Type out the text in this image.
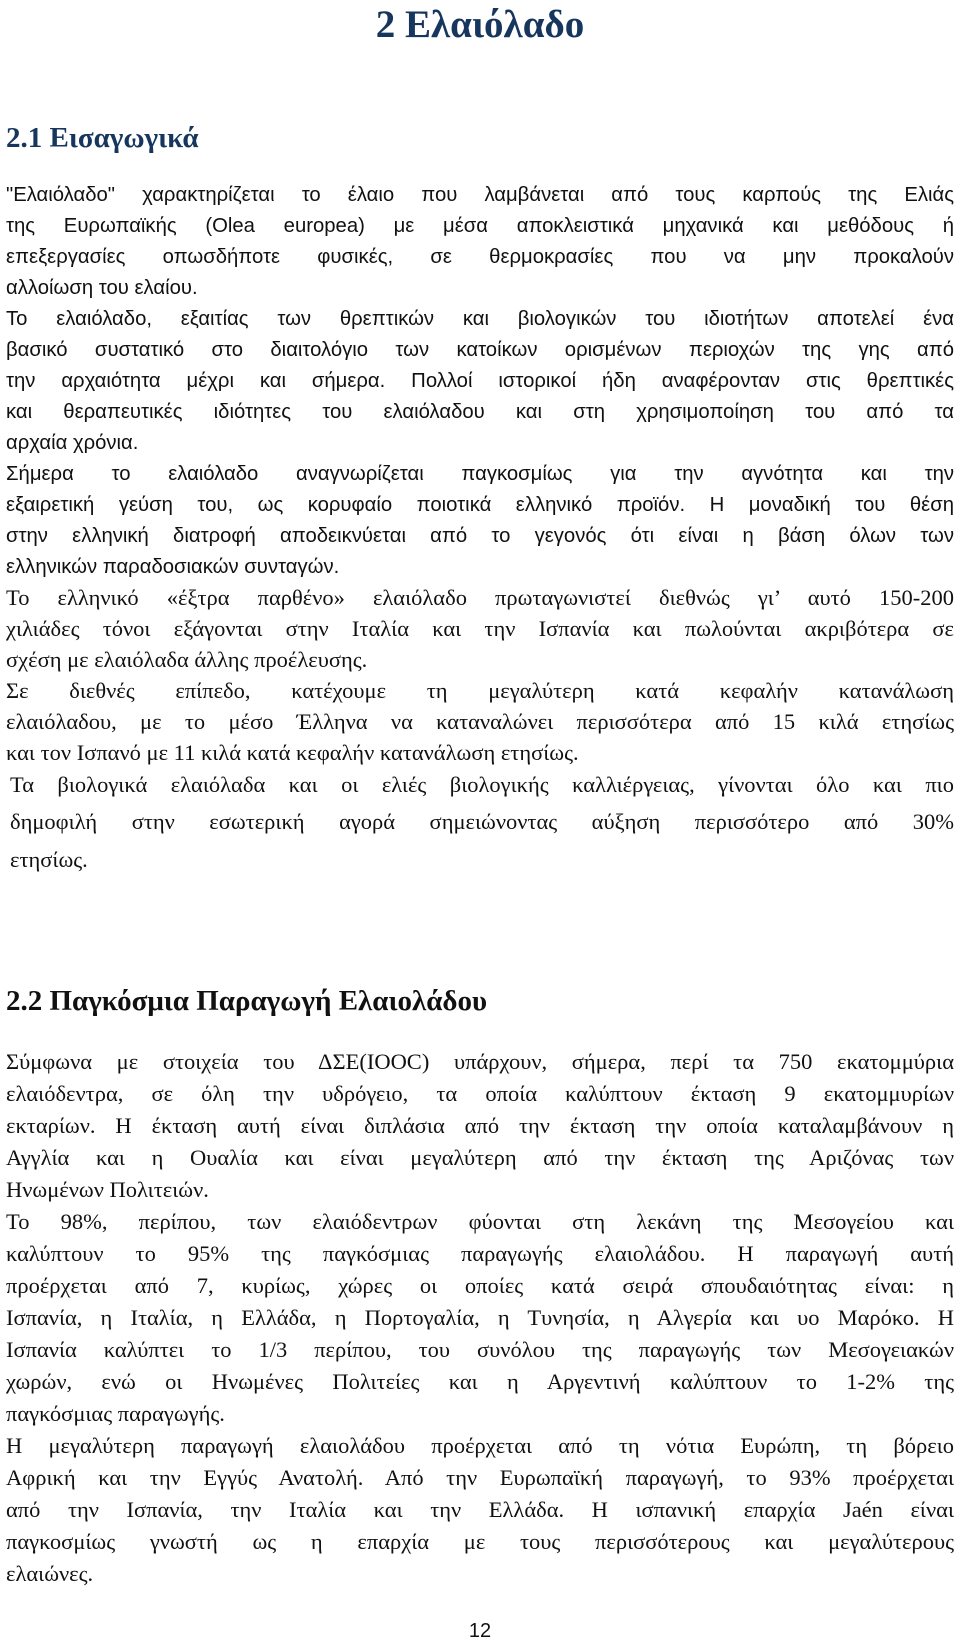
2 Ελαιόλαδο
2.1 Εισαγωγικά

"Ελαιόλαδο" χαρακτηρίζεται το έλαιο που λαμβάνεται από τους καρπούς της Ελιάς

της Ευρωπαϊκής (Olea europea) με μέσα αποκλειστικά μηχανικά και μεθόδους ή

επεξεργασίες οπωσδήποτε φυσικές, σε θερμοκρασίες που να μην προκαλούν

αλλοίωση του ελαίου.

Το ελαιόλαδο, εξαιτίας των θρεπτικών και βιολογικών του ιδιοτήτων αποτελεί ένα

βασικό συστατικό στο διαιτολόγιο των κατοίκων ορισμένων περιοχών της γης από

την αρχαιότητα μέχρι και σήμερα. Πολλοί ιστορικοί ήδη αναφέρονταν στις θρεπτικές

και θεραπευτικές ιδιότητες του ελαιόλαδου και στη χρησιμοποίηση του από τα

αρχαία χρόνια.

Σήμερα το ελαιόλαδο αναγνωρίζεται παγκοσμίως για την αγνότητα και την

εξαιρετική γεύση του, ως κορυφαίο ποιοτικά ελληνικό προϊόν. Η μοναδική του θέση

στην ελληνική διατροφή αποδεικνύεται από το γεγονός ότι είναι η βάση όλων των

ελληνικών παραδοσιακών συνταγών.

Το ελληνικό «έξτρα παρθένο» ελαιόλαδο πρωταγωνιστεί διεθνώς γι’ αυτό 150-200

χιλιάδες τόνοι εξάγονται στην Ιταλία και την Ισπανία και πωλούνται ακριβότερα σε

σχέση με ελαιόλαδα άλλης προέλευσης.

Σε διεθνές επίπεδο, κατέχουμε τη μεγαλύτερη κατά κεφαλήν κατανάλωση

ελαιόλαδου, με το μέσο Έλληνα να καταναλώνει περισσότερα από 15 κιλά ετησίως

και τον Ισπανό με 11 κιλά κατά κεφαλήν κατανάλωση ετησίως.

Τα βιολογικά ελαιόλαδα και οι ελιές βιολογικής καλλιέργειας, γίνονται όλο και πιο

δημοφιλή στην εσωτερική αγορά σημειώνοντας αύξηση περισσότερο από 30%

ετησίως.

2.2 Παγκόσμια Παραγωγή Ελαιολάδου

Σύμφωνα με στοιχεία του ΔΣΕ(ΙΟΟC) υπάρχουν, σήμερα, περί τα 750 εκατομμύρια

ελαιόδεντρα, σε όλη την υδρόγειο, τα οποία καλύπτουν έκταση 9 εκατομμυρίων

εκταρίων. Η έκταση αυτή είναι διπλάσια από την έκταση την οποία καταλαμβάνουν η

Αγγλία και η Ουαλία και είναι μεγαλύτερη από την έκταση της Αριζόνας των

Ηνωμένων Πολιτειών.

Το 98%, περίπου, των ελαιόδεντρων φύονται στη λεκάνη της Μεσογείου και

καλύπτουν το 95% της παγκόσμιας παραγωγής ελαιολάδου. Η παραγωγή αυτή

προέρχεται από 7, κυρίως, χώρες οι οποίες κατά σειρά σπουδαιότητας είναι: η

Ισπανία, η Ιταλία, η Ελλάδα, η Πορτογαλία, η Τυνησία, η Αλγερία και υο Μαρόκο. Η

Ισπανία καλύπτει το 1/3 περίπου, του συνόλου της παραγωγής των Μεσογειακών

χωρών, ενώ οι Ηνωμένες Πολιτείες και η Αργεντινή καλύπτουν το 1-2% της

παγκόσμιας παραγωγής.

Η μεγαλύτερη παραγωγή ελαιολάδου προέρχεται από τη νότια Ευρώπη, τη βόρειο

Αφρική και την Εγγύς Ανατολή. Από την Ευρωπαϊκή παραγωγή, το 93% προέρχεται

από την Ισπανία, την Ιταλία και την Ελλάδα. Η ισπανική επαρχία Jaén είναι

παγκοσμίως γνωστή ως η επαρχία με τους περισσότερους και μεγαλύτερους

ελαιώνες.

12
